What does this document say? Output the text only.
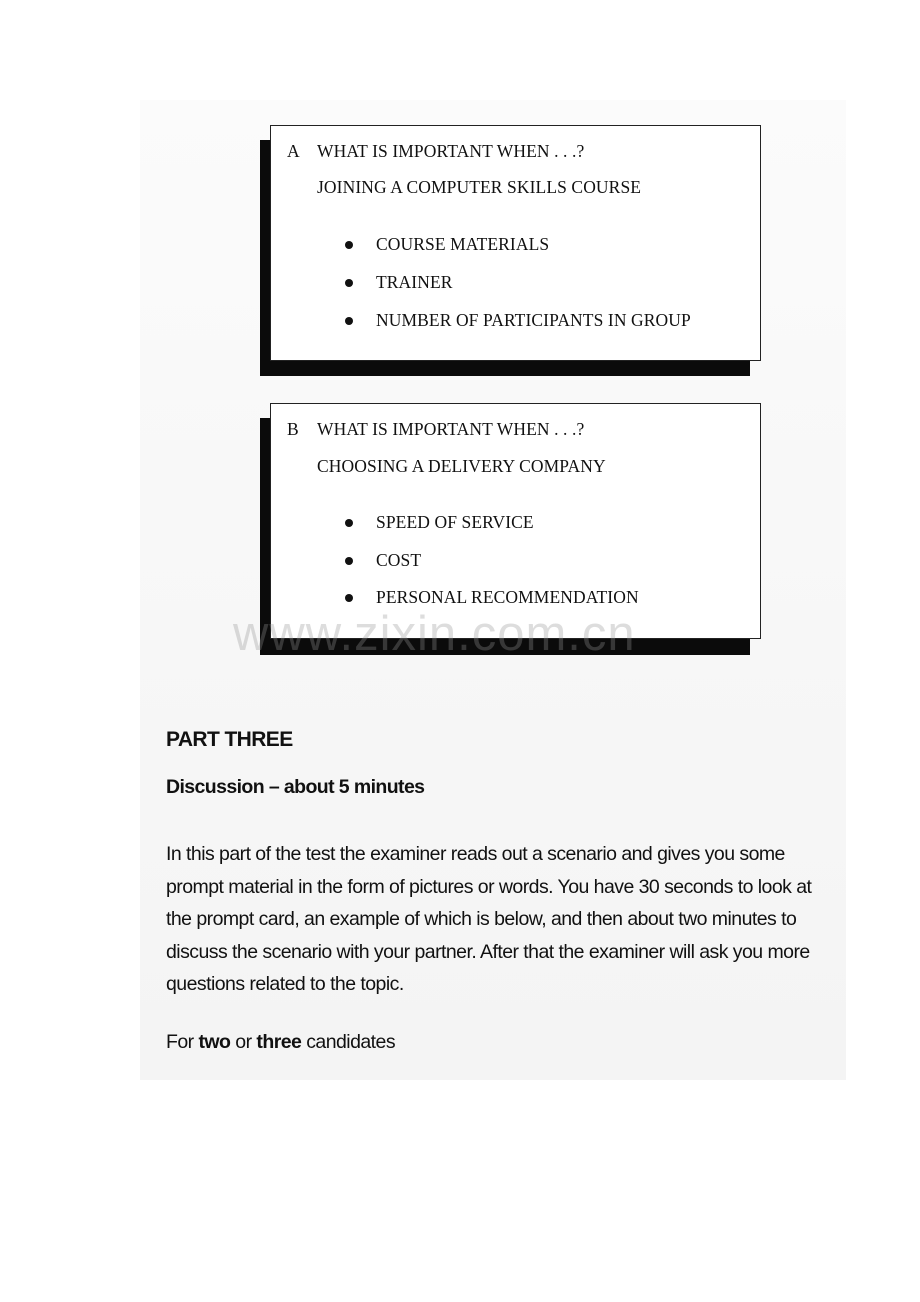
A WHAT IS IMPORTANT WHEN . . .?
JOINING A COMPUTER SKILLS COURSE
COURSE MATERIALS
TRAINER
NUMBER OF PARTICIPANTS IN GROUP
B WHAT IS IMPORTANT WHEN . . .?
CHOOSING A DELIVERY COMPANY
SPEED OF SERVICE
COST
PERSONAL RECOMMENDATION
www.zixin.com.cn
PART THREE
Discussion – about 5 minutes
In this part of the test the examiner reads out a scenario and gives you some
prompt material in the form of pictures or words. You have 30 seconds to look at
the prompt card, an example of which is below, and then about two minutes to
discuss the scenario with your partner. After that the examiner will ask you more
questions related to the topic.
For two or three candidates
